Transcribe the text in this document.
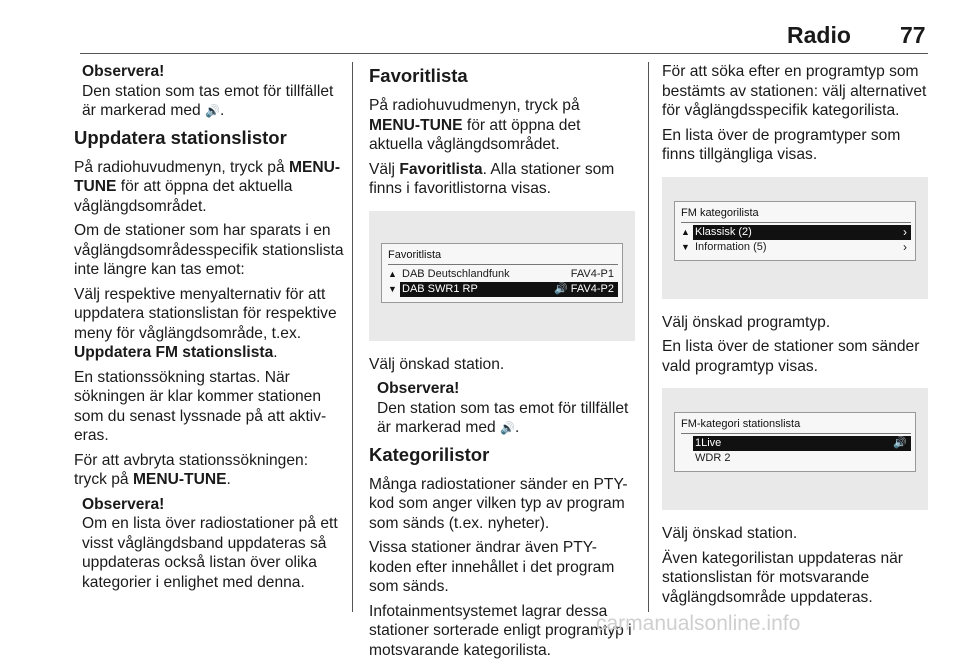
Radio 77
Observera!

Den station som tas emot för tillfället är markerad med 🔊.

Uppdatera stationslistor

På radiohuvudmenyn, tryck på MENU-TUNE för att öppna det aktuella våglängdsområdet.

Om de stationer som har sparats i en våglängdsområdesspecifik stationslista inte längre kan tas emot:

Välj respektive menyalternativ för att uppdatera stationslistan för respektive meny för våglängdsområde, t.ex. Uppdatera FM stationslista.

En stationssökning startas. När sökningen är klar kommer stationen som du senast lyssnade på att aktiveras.

För att avbryta stationssökningen: tryck på MENU-TUNE.

Observera!

Om en lista över radiostationer på ett visst våglängdsband uppdateras så uppdateras också listan över olika kategorier i enlighet med denna.

Favoritlista

På radiohuvudmenyn, tryck på MENU-TUNE för att öppna det aktuella våglängdsområdet.

Välj Favoritlista. Alla stationer som finns i favoritlistorna visas.

Favoritlista
▲ DAB Deutschlandfunk	FAV4-P1
▼ DAB SWR1 RP	🔊 FAV4-P2

Välj önskad station.

Observera!

Den station som tas emot för tillfället är markerad med 🔊.

Kategorilistor

Många radiostationer sänder en PTY-kod som anger vilken typ av program som sänds (t.ex. nyheter).

Vissa stationer ändrar även PTY-koden efter innehållet i det program som sänds.

Infotainmentsystemet lagrar dessa stationer sorterade enligt programtyp i motsvarande kategorilista.

För att söka efter en programtyp som bestämts av stationen: välj alternativet för våglängdsspecifik kategorilista.

En lista över de programtyper som finns tillgängliga visas.

FM kategorilista
▲ Klassisk (2)	›
▼ Information (5)	›

Välj önskad programtyp.

En lista över de stationer som sänder vald programtyp visas.

FM-kategori stationslista
1Live	🔊
WDR 2

Välj önskad station.

Även kategorilistan uppdateras när stationslistan för motsvarande våglängdsområde uppdateras.

carmanualsonline.info
